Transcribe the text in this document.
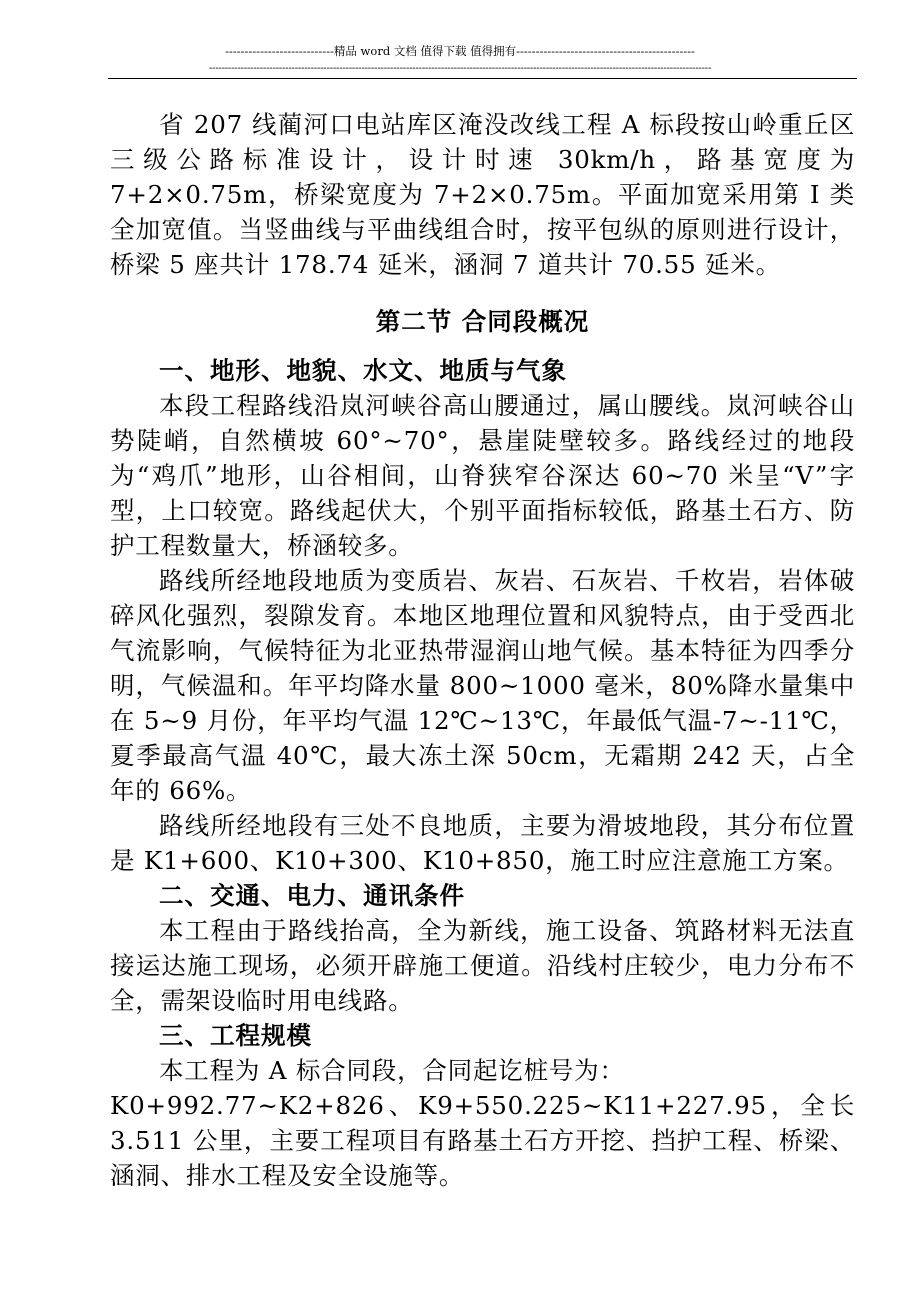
----------------------------精品 word 文档 值得下载 值得拥有----------------------------------------------
--------------------------------------------------------------------------------------------------------------------------------------------------------------

省 207 线蔺河口电站库区淹没改线工程 A 标段按山岭重丘区三级公路标准设计，设计时速 30km/h，路基宽度为 7+2×0.75m，桥梁宽度为 7+2×0.75m。平面加宽采用第 I 类全加宽值。当竖曲线与平曲线组合时，按平包纵的原则进行设计，桥梁 5 座共计 178.74 延米，涵洞 7 道共计 70.55 延米。

第二节 合同段概况
一、地形、地貌、水文、地质与气象

本段工程路线沿岚河峡谷高山腰通过，属山腰线。岚河峡谷山势陡峭，自然横坡 60°~70°，悬崖陡壁较多。路线经过的地段为“鸡爪”地形，山谷相间，山脊狭窄谷深达 60~70 米呈“V”字型，上口较宽。路线起伏大，个别平面指标较低，路基土石方、防护工程数量大，桥涵较多。

路线所经地段地质为变质岩、灰岩、石灰岩、千枚岩，岩体破碎风化强烈，裂隙发育。本地区地理位置和风貌特点，由于受西北气流影响，气候特征为北亚热带湿润山地气候。基本特征为四季分明，气候温和。年平均降水量 800~1000 毫米，80%降水量集中在 5~9 月份，年平均气温 12℃~13℃，年最低气温-7~-11℃，夏季最高气温 40℃，最大冻土深 50cm，无霜期 242 天，占全年的 66%。

路线所经地段有三处不良地质，主要为滑坡地段，其分布位置是 K1+600、K10+300、K10+850，施工时应注意施工方案。

二、交通、电力、通讯条件

本工程由于路线抬高，全为新线，施工设备、筑路材料无法直接运达施工现场，必须开辟施工便道。沿线村庄较少，电力分布不全，需架设临时用电线路。

三、工程规模

本工程为 A 标合同段，合同起讫桩号为：

K0+992.77~K2+826、K9+550.225~K11+227.95，全长 3.511 公里，主要工程项目有路基土石方开挖、挡护工程、桥梁、涵洞、排水工程及安全设施等。
